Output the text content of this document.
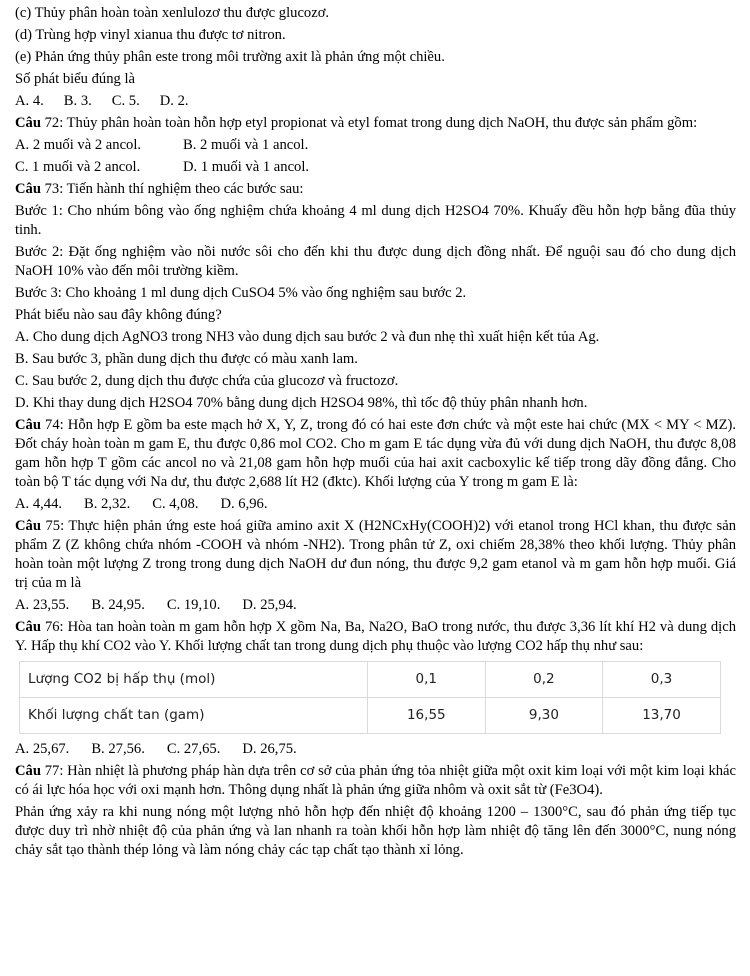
(c) Thủy phân hoàn toàn xenlulozơ thu được glucozơ.

(d) Trùng hợp vinyl xianua thu được tơ nitron.

(e) Phản ứng thủy phân este trong môi trường axit là phản ứng một chiều.

Số phát biểu đúng là

A. 4. B. 3. C. 5. D. 2.

Câu 72: Thủy phân hoàn toàn hỗn hợp etyl propionat và etyl fomat trong dung dịch NaOH, thu được sản phẩm gồm:

A. 2 muối và 2 ancol.	B. 2 muối và 1 ancol.
C. 1 muối và 2 ancol.	D. 1 muối và 1 ancol.

Câu 73: Tiến hành thí nghiệm theo các bước sau:

Bước 1: Cho nhúm bông vào ống nghiệm chứa khoảng 4 ml dung dịch H2SO4 70%. Khuấy đều hỗn hợp bằng đũa thủy tinh.

Bước 2: Đặt ống nghiệm vào nồi nước sôi cho đến khi thu được dung dịch đồng nhất. Để nguội sau đó cho dung dịch NaOH 10% vào đến môi trường kiềm.

Bước 3: Cho khoảng 1 ml dung dịch CuSO4 5% vào ống nghiệm sau bước 2.

Phát biểu nào sau đây không đúng?

A. Cho dung dịch AgNO3 trong NH3 vào dung dịch sau bước 2 và đun nhẹ thì xuất hiện kết tủa Ag.

B. Sau bước 3, phần dung dịch thu được có màu xanh lam.

C. Sau bước 2, dung dịch thu được chứa của glucozơ và fructozơ.

D. Khi thay dung dịch H2SO4 70% bằng dung dịch H2SO4 98%, thì tốc độ thủy phân nhanh hơn.

Câu 74: Hỗn hợp E gồm ba este mạch hở X, Y, Z, trong đó có hai este đơn chức và một este hai chức (MX < MY < MZ). Đốt cháy hoàn toàn m gam E, thu được 0,86 mol CO2. Cho m gam E tác dụng vừa đủ với dung dịch NaOH, thu được 8,08 gam hỗn hợp T gồm các ancol no và 21,08 gam hỗn hợp muối của hai axit cacboxylic kế tiếp trong dãy đồng đẳng. Cho toàn bộ T tác dụng với Na dư, thu được 2,688 lít H2 (đktc). Khối lượng của Y trong m gam E là:

A. 4,44. B. 2,32. C. 4,08. D. 6,96.

Câu 75: Thực hiện phản ứng este hoá giữa amino axit X (H2NCxHy(COOH)2) với etanol trong HCl khan, thu được sản phẩm Z (Z không chứa nhóm -COOH và nhóm -NH2). Trong phân tử Z, oxi chiếm 28,38% theo khối lượng. Thủy phân hoàn toàn một lượng Z trong trong dung dịch NaOH dư đun nóng, thu được 9,2 gam etanol và m gam hỗn hợp muối. Giá trị của m là

A. 23,55. B. 24,95. C. 19,10. D. 25,94.

Câu 76: Hòa tan hoàn toàn m gam hỗn hợp X gồm Na, Ba, Na2O, BaO trong nước, thu được 3,36 lít khí H2 và dung dịch Y. Hấp thụ khí CO2 vào Y. Khối lượng chất tan trong dung dịch phụ thuộc vào lượng CO2 hấp thụ như sau:

Lượng CO2 bị hấp thụ (mol)	0,1	0,2	0,3
Khối lượng chất tan (gam)	16,55	9,30	13,70
A. 25,67. B. 27,56. C. 27,65. D. 26,75.

Câu 77: Hàn nhiệt là phương pháp hàn dựa trên cơ sở của phản ứng tỏa nhiệt giữa một oxit kim loại với một kim loại khác có ái lực hóa học với oxi mạnh hơn. Thông dụng nhất là phản ứng giữa nhôm và oxit sắt từ (Fe3O4).

Phản ứng xảy ra khi nung nóng một lượng nhỏ hỗn hợp đến nhiệt độ khoảng 1200 – 1300°C, sau đó phản ứng tiếp tục được duy trì nhờ nhiệt độ của phản ứng và lan nhanh ra toàn khối hỗn hợp làm nhiệt độ tăng lên đến 3000°C, nung nóng chảy sắt tạo thành thép lỏng và làm nóng chảy các tạp chất tạo thành xỉ lỏng.
